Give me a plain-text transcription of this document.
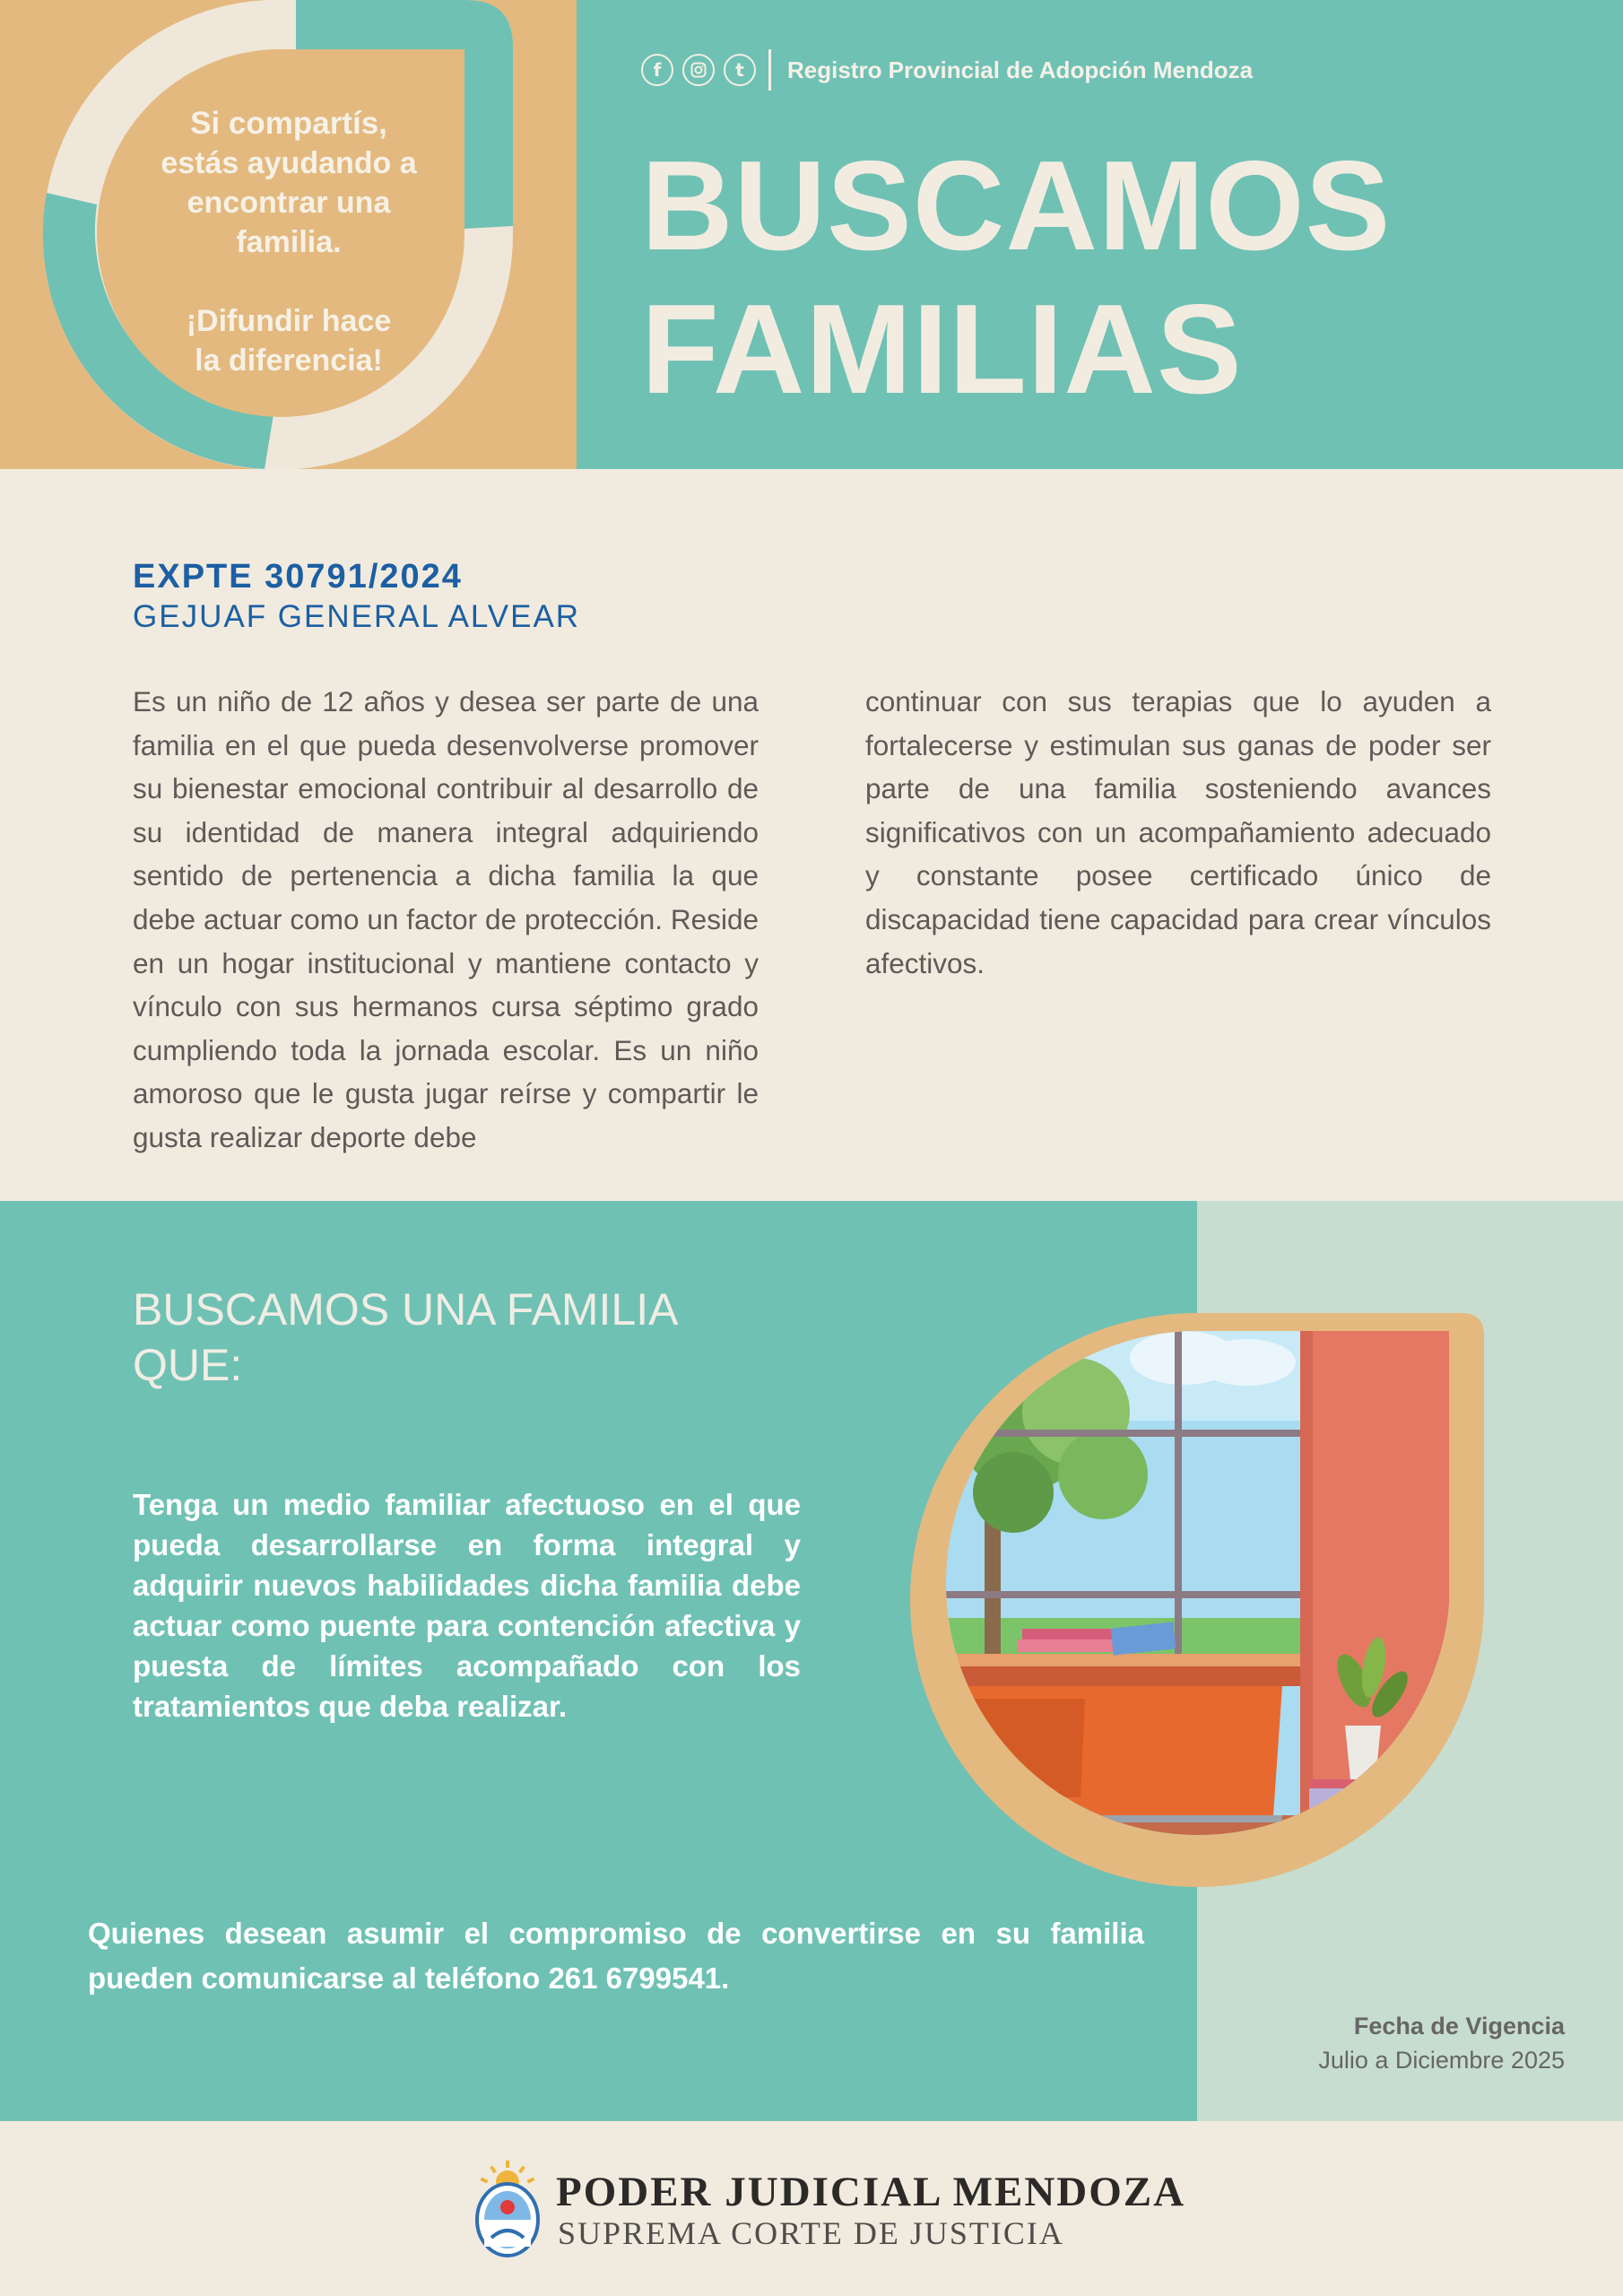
Si compartís,
estás ayudando a
encontrar una
familia.
¡Difundir hace
la diferencia!
f	t	Registro Provincial de Adopción Mendoza
BUSCAMOS
FAMILIAS
EXPTE 30791/2024
GEJUAF GENERAL ALVEAR
Es un niño de 12 años y desea ser parte de una familia en el que pueda desenvolverse promover su bienestar emocional contribuir al desarrollo de su identidad de manera integral adquiriendo sentido de pertenencia a dicha familia la que debe actuar como un factor de protección. Reside en un hogar institucional y mantiene contacto y vínculo con sus hermanos cursa séptimo grado cumpliendo toda la jornada escolar. Es un niño amoroso que le gusta jugar reírse y compartir le gusta realizar deporte debe
continuar con sus terapias que lo ayuden a fortalecerse y estimulan sus ganas de poder ser parte de una familia sosteniendo avances significativos con un acompañamiento adecuado y constante posee certificado único de discapacidad tiene capacidad para crear vínculos afectivos.
BUSCAMOS UNA FAMILIA
QUE:
Tenga un medio familiar afectuoso en el que pueda desarrollarse en forma integral y adquirir nuevos habilidades dicha familia debe actuar como puente para contención afectiva y puesta de límites acompañado con los tratamientos que deba realizar.
Quienes desean asumir el compromiso de convertirse en su familia pueden comunicarse al teléfono 261 6799541.
Fecha de Vigencia
Julio a Diciembre 2025
PODER JUDICIAL MENDOZA
SUPREMA CORTE DE JUSTICIA
